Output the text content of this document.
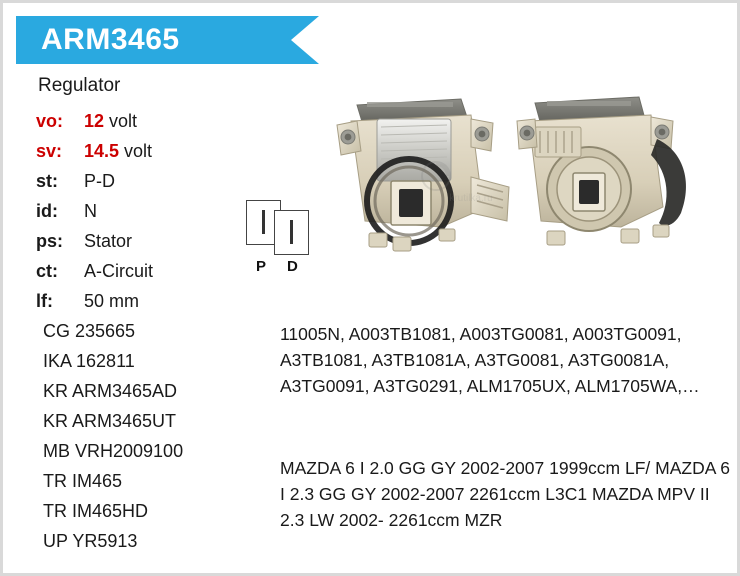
ARM3465
Regulator
vo:	12 volt
sv:	14.5 volt
st:	P-D
id:	N
ps:	Stator
ct:	A-Circuit
lf:	50 mm
CG 235665
IKA 162811
KR ARM3465AD
KR ARM3465UT
MB VRH2009100
TR IM465
TR IM465HD
UP YR5913
P D
krutilka.ru
11005N, A003TB1081, A003TG0081, A003TG0091, A3TB1081, A3TB1081A, A3TG0081, A3TG0081A, A3TG0091, A3TG0291, ALM1705UX, ALM1705WA,…
MAZDA 6 I 2.0 GG GY 2002-2007 1999ccm LF/ MAZDA 6 I 2.3 GG GY 2002-2007 2261ccm L3C1 MAZDA MPV II 2.3 LW 2002- 2261ccm MZR
